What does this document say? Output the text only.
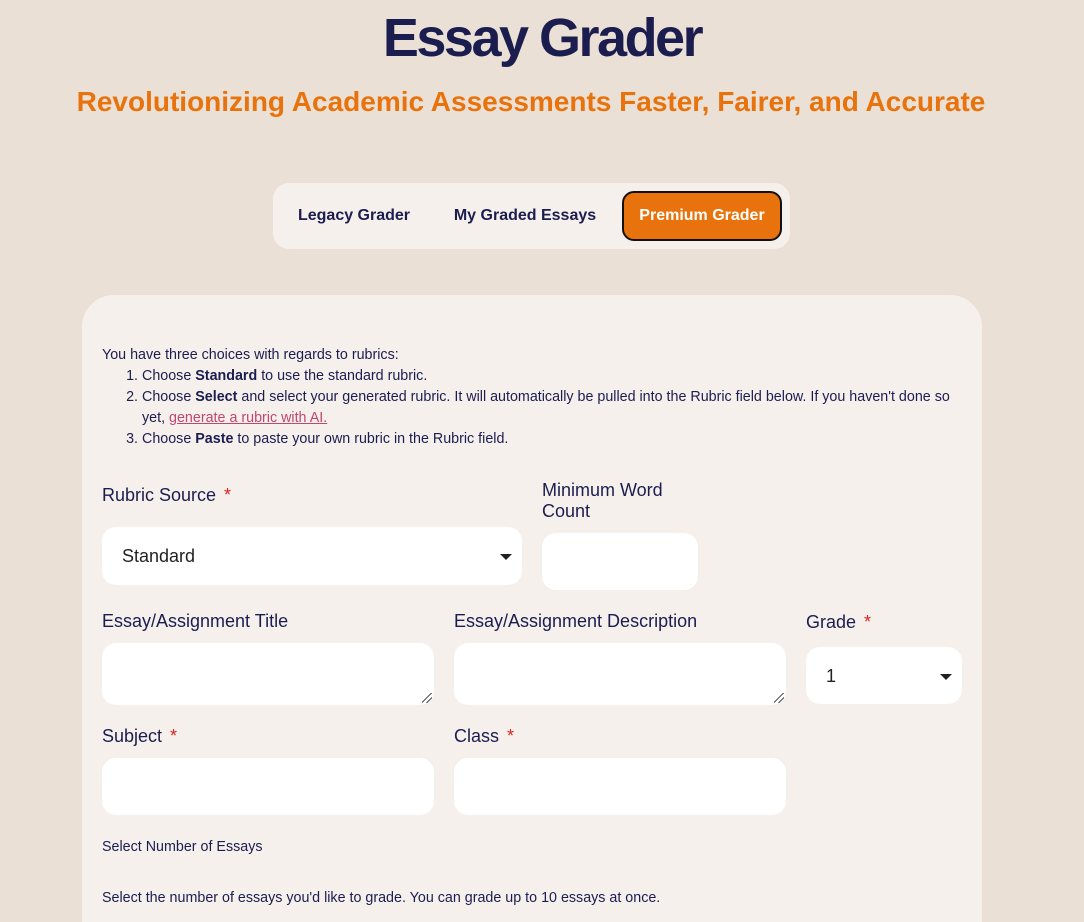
Essay Grader
Revolutionizing Academic Assessments Faster, Fairer, and Accurate
Legacy Grader	My Graded Essays	Premium Grader
You have three choices with regards to rubrics:
1. Choose Standard to use the standard rubric.
2. Choose Select and select your generated rubric. It will automatically be pulled into the Rubric field below. If you haven't done so yet, generate a rubric with AI.
3. Choose Paste to paste your own rubric in the Rubric field.
Rubric Source *
Standard
Minimum Word
Count
Essay/Assignment Title	Essay/Assignment Description	Grade *
1
Subject *	Class *
Select Number of Essays
Select the number of essays you'd like to grade. You can grade up to 10 essays at once.
